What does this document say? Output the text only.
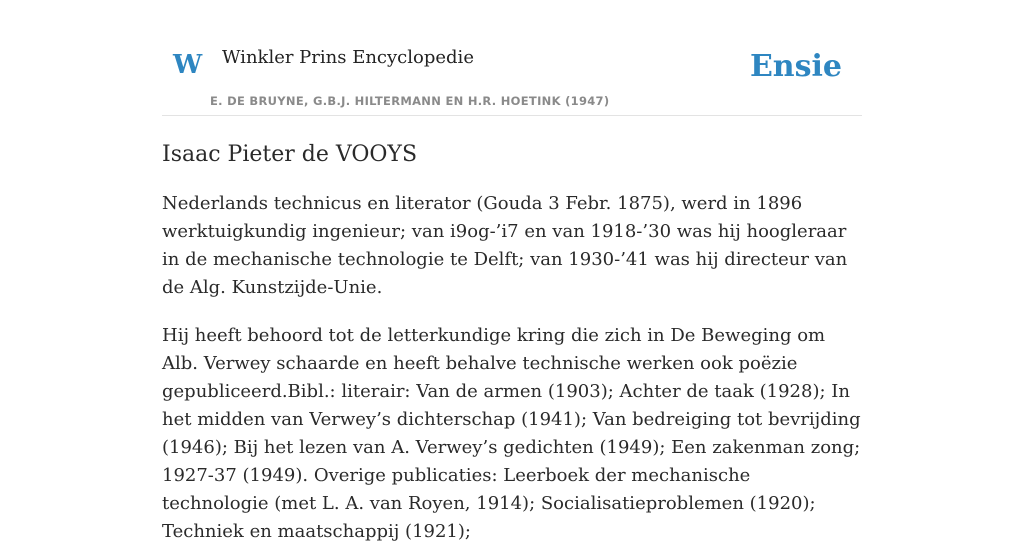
W Winkler Prins Encyclopedie
E. DE BRUYNE, G.B.J. HILTERMANN EN H.R. HOETINK (1947)
Ensie
Isaac Pieter de VOOYS

Nederlands technicus en literator (Gouda 3 Febr. 1875), werd in 1896 werktuigkundig ingenieur; van i9og-’i7 en van 1918-’30 was hij hoogleraar in de mechanische technologie te Delft; van 1930-’41 was hij directeur van de Alg. Kunstzijde-Unie.

Hij heeft behoord tot de letterkundige kring die zich in De Beweging om Alb. Verwey schaarde en heeft behalve technische werken ook poëzie gepubliceerd.Bibl.: literair: Van de armen (1903); Achter de taak (1928); In het midden van Verwey’s dichterschap (1941); Van bedreiging tot bevrijding (1946); Bij het lezen van A. Verwey’s gedichten (1949); Een zakenman zong; 1927-37 (1949). Overige publicaties: Leerboek der mechanische technologie (met L. A. van Royen, 1914); Socialisatieproblemen (1920); Techniek en maatschappij (1921);
